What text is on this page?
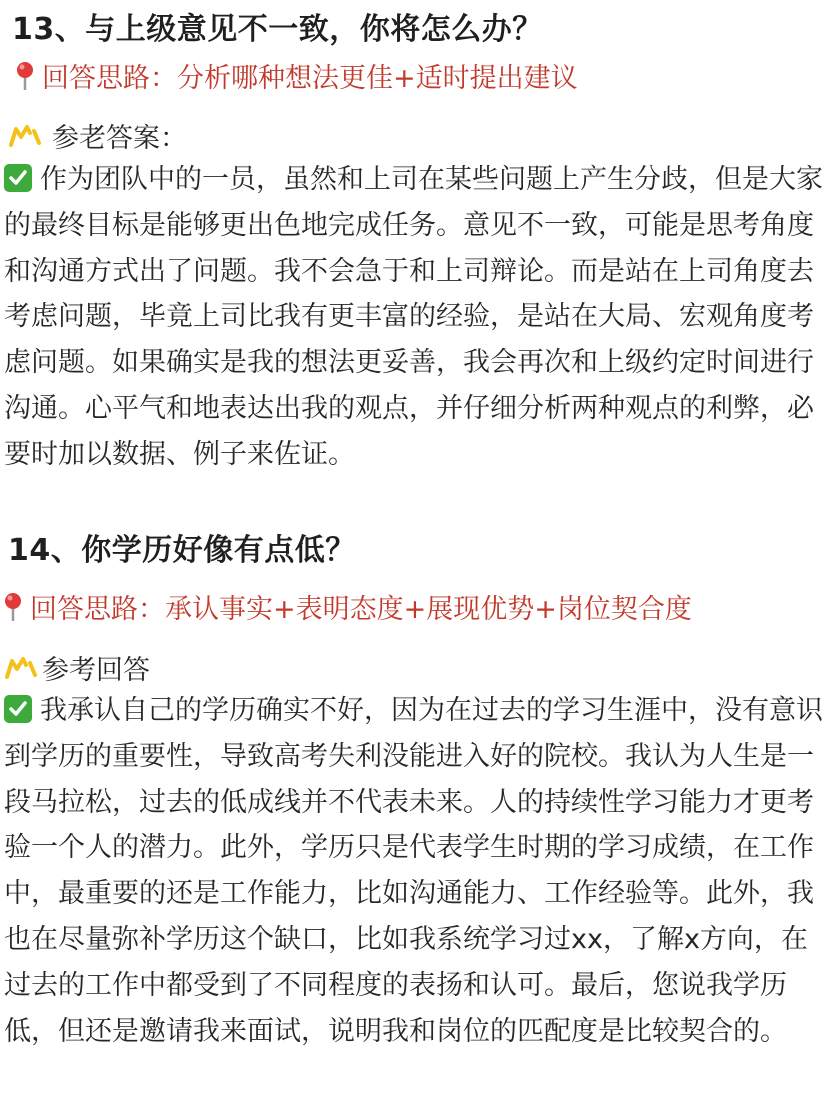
13、与上级意见不一致，你将怎么办？
回答思路：分析哪种想法更佳+适时提出建议
参老答案：
作为团队中的一员，虽然和上司在某些问题上产生分歧，但是大家的最终目标是能够更出色地完成任务。意见不一致，可能是思考角度和沟通方式出了问题。我不会急于和上司辩论。而是站在上司角度去考虑问题，毕竟上司比我有更丰富的经验，是站在大局、宏观角度考虑问题。如果确实是我的想法更妥善，我会再次和上级约定时间进行沟通。心平气和地表达出我的观点，并仔细分析两种观点的利弊，必要时加以数据、例子来佐证。
14、你学历好像有点低？
回答思路：承认事实+表明态度+展现优势+岗位契合度
参考回答
我承认自己的学历确实不好，因为在过去的学习生涯中，没有意识到学历的重要性，导致高考失利没能进入好的院校。我认为人生是一段马拉松，过去的低成线并不代表未来。人的持续性学习能力才更考验一个人的潜力。此外，学历只是代表学生时期的学习成绩，在工作中，最重要的还是工作能力，比如沟通能力、工作经验等。此外，我也在尽量弥补学历这个缺口，比如我系统学习过xx，了解x方向，在过去的工作中都受到了不同程度的表扬和认可。最后，您说我学历低，但还是邀请我来面试，说明我和岗位的匹配度是比较契合的。
